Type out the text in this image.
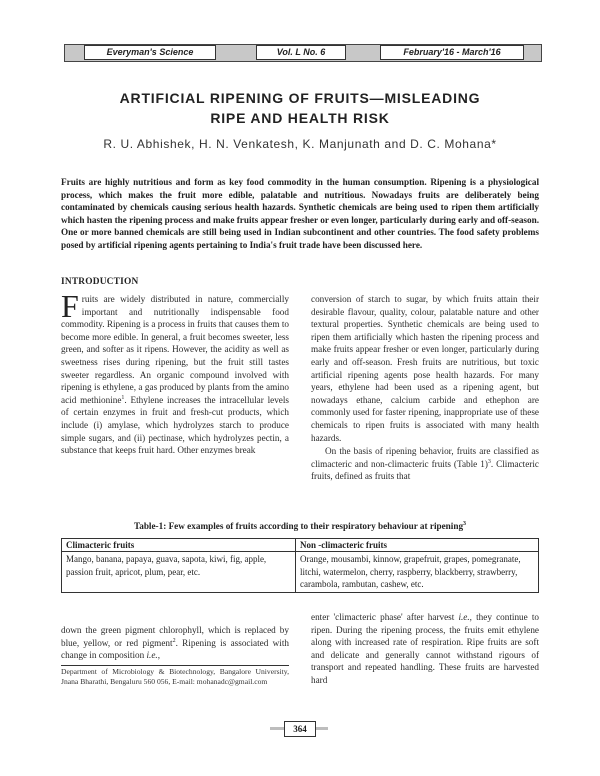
Everyman's Science	Vol. L No. 6	February'16 - March'16
ARTIFICIAL RIPENING OF FRUITS—MISLEADING
RIPE AND HEALTH RISK
R. U. Abhishek, H. N. Venkatesh, K. Manjunath and D. C. Mohana*
Fruits are highly nutritious and form as key food commodity in the human consumption. Ripening is a physiological process, which makes the fruit more edible, palatable and nutritious. Nowadays fruits are deliberately being contaminated by chemicals causing serious health hazards. Synthetic chemicals are being used to ripen them artificially which hasten the ripening process and make fruits appear fresher or even longer, particularly during early and off-season. One or more banned chemicals are still being used in Indian subcontinent and other countries. The food safety problems posed by artificial ripening agents pertaining to India's fruit trade have been discussed here.
INTRODUCTION

Fruits are widely distributed in nature, commercially important and nutritionally indispensable food commodity. Ripening is a process in fruits that causes them to become more edible. In general, a fruit becomes sweeter, less green, and softer as it ripens. However, the acidity as well as sweetness rises during ripening, but the fruit still tastes sweeter regardless. An organic compound involved with ripening is ethylene, a gas produced by plants from the amino acid methionine$^1$. Ethylene increases the intracellular levels of certain enzymes in fruit and fresh-cut products, which include (i) amylase, which hydrolyzes starch to produce simple sugars, and (ii) pectinase, which hydrolyzes pectin, a substance that keeps fruit hard. Other enzymes break

conversion of starch to sugar, by which fruits attain their desirable flavour, quality, colour, palatable nature and other textural properties. Synthetic chemicals are being used to ripen them artificially which hasten the ripening process and make fruits appear fresher or even longer, particularly during early and off-season. Fresh fruits are nutritious, but toxic artificial ripening agents pose health hazards. For many years, ethylene had been used as a ripening agent, but nowadays ethane, calcium carbide and ethephon are commonly used for faster ripening, inappropriate use of these chemicals to ripen fruits is associated with many health hazards.

On the basis of ripening behavior, fruits are classified as climacteric and non-climacteric fruits (Table 1)$^3$. Climacteric fruits, defined as fruits that

Table-1: Few examples of fruits according to their respiratory behaviour at ripening$^3$
Climacteric fruits	Non -climacteric fruits
Mango, banana, papaya, guava, sapota, kiwi, fig, apple, passion fruit, apricot, plum, pear, etc.	Orange, mousambi, kinnow, grapefruit, grapes, pomegranate, litchi, watermelon, cherry, raspberry, blackberry, strawberry, carambola, rambutan, cashew, etc.

down the green pigment chlorophyll, which is replaced by blue, yellow, or red pigment$^2$. Ripening is associated with change in composition i.e.,

enter 'climacteric phase' after harvest i.e., they continue to ripen. During the ripening process, the fruits emit ethylene along with increased rate of respiration. Ripe fruits are soft and delicate and generally cannot withstand rigours of transport and repeated handling. These fruits are harvested hard

Department of Microbiology & Biotechnology, Bangalore University, Jnana Bharathi, Bengaluru 560 056, E-mail: mohanadc@gmail.com
364
